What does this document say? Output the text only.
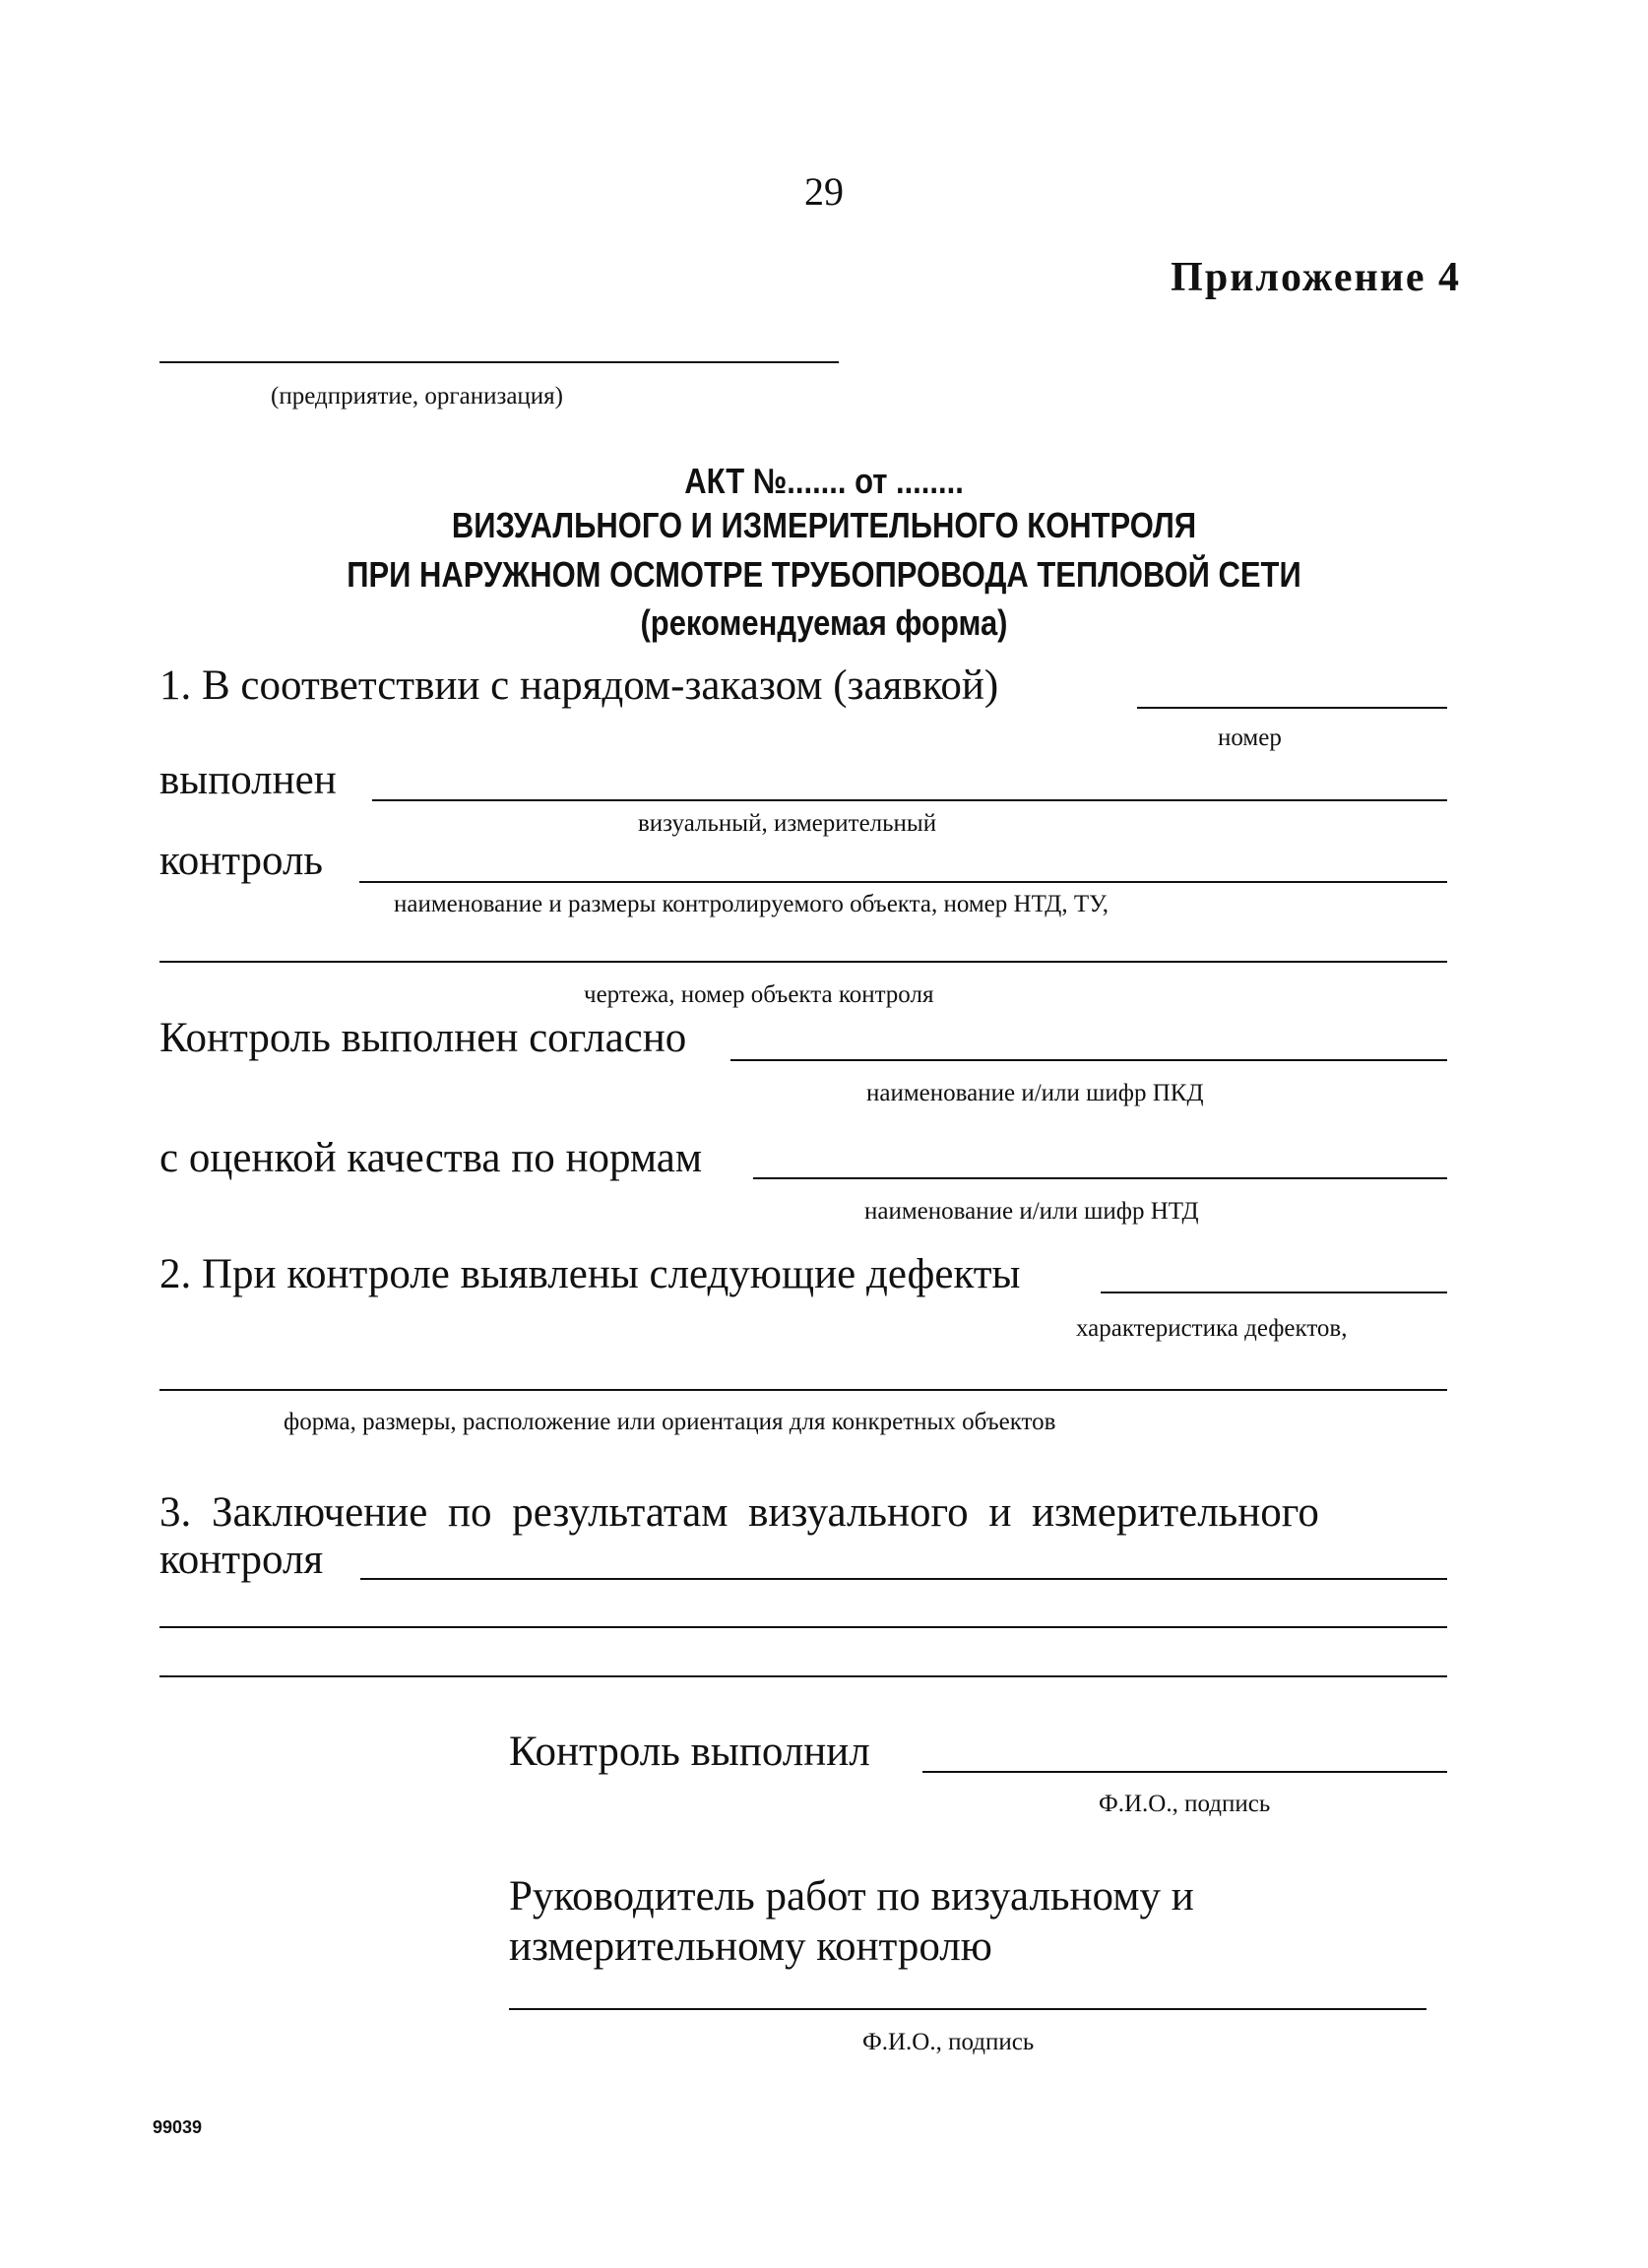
29
Приложение 4
(предприятие, организация)
АКТ №....... от ........
ВИЗУАЛЬНОГО И ИЗМЕРИТЕЛЬНОГО КОНТРОЛЯ
ПРИ НАРУЖНОМ ОСМОТРЕ ТРУБОПРОВОДА ТЕПЛОВОЙ СЕТИ
(рекомендуемая форма)
1. В соответствии с нарядом-заказом (заявкой)
номер
выполнен
визуальный, измерительный
контроль
наименование и размеры контролируемого объекта, номер НТД, ТУ,
чертежа, номер объекта контроля
Контроль выполнен согласно
наименование и/или шифр ПКД
с оценкой качества по нормам
наименование и/или шифр НТД
2. При контроле выявлены следующие дефекты
характеристика дефектов,
форма, размеры, расположение или ориентация для конкретных объектов
3. Заключение по результатам визуального и измерительного
контроля
Контроль выполнил
Ф.И.О., подпись
Руководитель работ по визуальному и
измерительному контролю
Ф.И.О., подпись
99039
